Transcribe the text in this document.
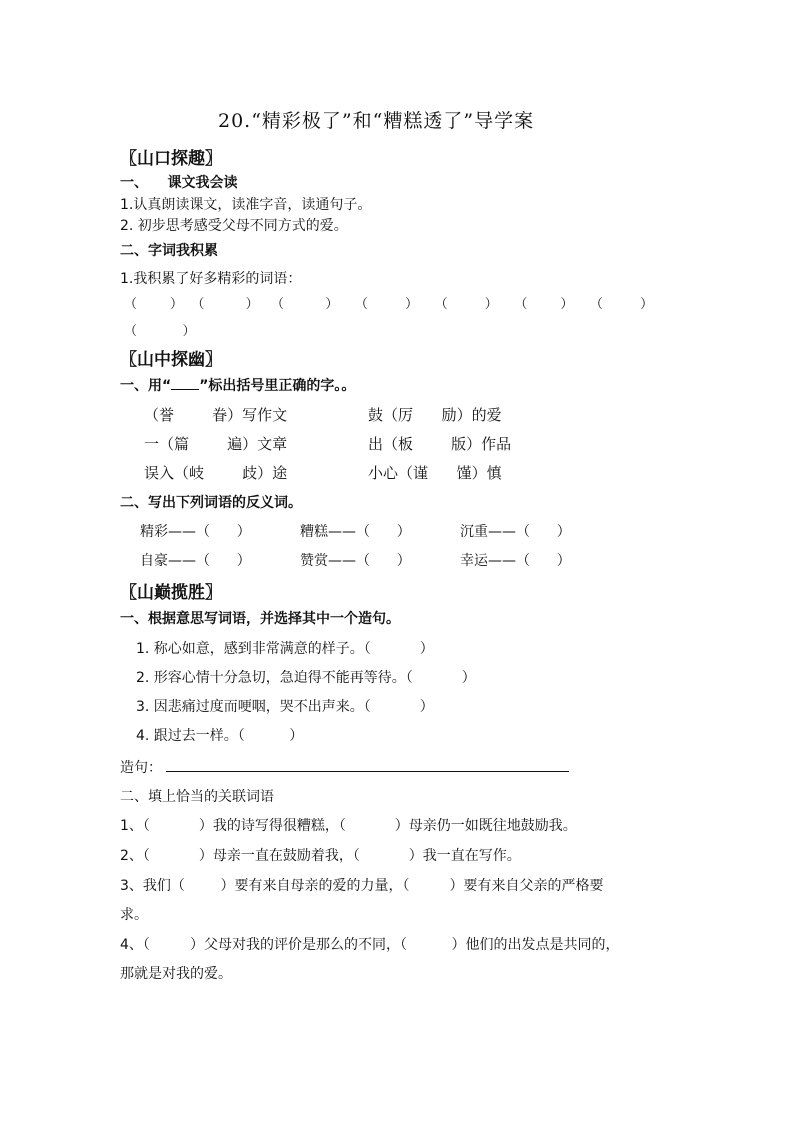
20.“精彩极了”和“糟糕透了”导学案
〖山口探趣〗
一、    课文我会读
1.认真朗读课文，读准字音，读通句子。
2. 初步思考感受父母不同方式的爱。
二、字词我积累
1.我积累了好多精彩的词语：
（        ）  （          ）   （          ）    （         ）    （         ）    （        ）    （         ）
（           ）
〖山中探幽〗
一、用“ ”标出括号里正确的字。。
（誉        眷）写作文	鼓（厉      励）的爱
一（篇        遍）文章	出（板        版）作品
误入（岐        歧）途	小心（谨      馑）慎
二、写出下列词语的反义词。
精彩——（      ）	糟糕——（      ）	沉重——（      ）
自豪——（      ）	赞赏——（      ）	幸运——（      ）
〖山巅揽胜〗
一、根据意思写词语，并选择其中一个造句。
1. 称心如意，感到非常满意的样子。（           ）
2. 形容心情十分急切，急迫得不能再等待。（           ）
3. 因悲痛过度而哽咽，哭不出声来。（           ）
4. 跟过去一样。（          ）
造句：
二、填上恰当的关联词语
1、（           ）我的诗写得很糟糕，（           ）母亲仍一如既往地鼓励我。
2、（           ）母亲一直在鼓励着我，（           ）我一直在写作。
3、我们（        ）要有来自母亲的爱的力量，（         ）要有来自父亲的严格要
求。
4、（         ）父母对我的评价是那么的不同，（          ）他们的出发点是共同的，
那就是对我的爱。
